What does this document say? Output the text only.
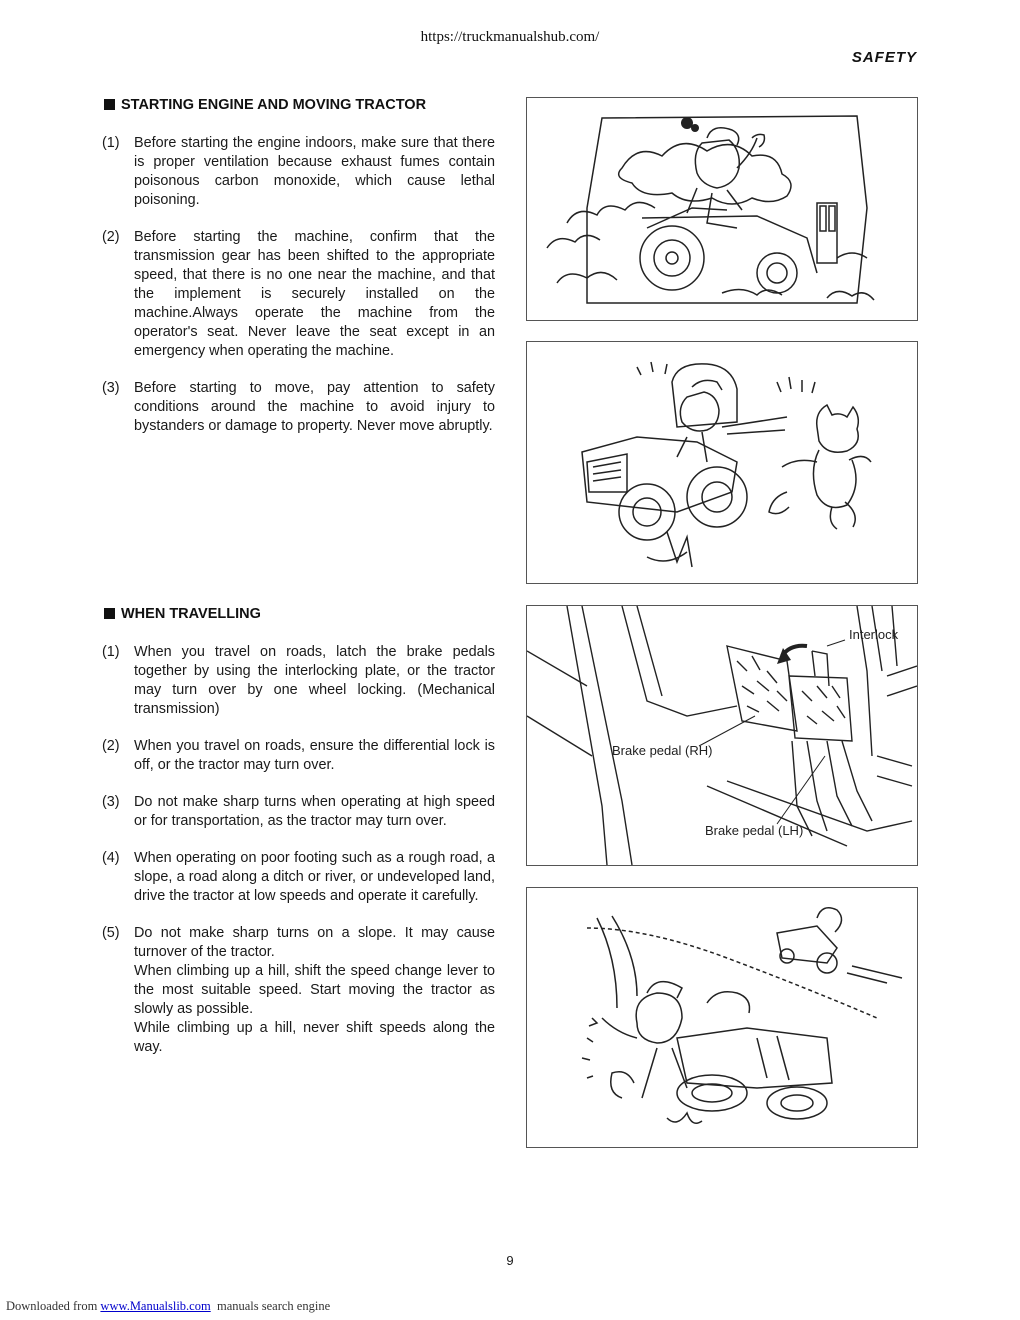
https://truckmanualshub.com/
SAFETY
STARTING ENGINE AND MOVING TRACTOR
(1) Before starting the engine indoors, make sure that there is proper ventilation because exhaust fumes contain poisonous carbon monoxide, which cause lethal poisoning.
(2) Before starting the machine, confirm that the transmission gear has been shifted to the appropriate speed, that there is no one near the machine, and that the implement is securely installed on the machine.Always operate the machine from the operator's seat. Never leave the seat except in an emergency when operating the machine.
(3) Before starting to move, pay attention to safety conditions around the machine to avoid injury to bystanders or damage to property. Never move abruptly.
WHEN TRAVELLING
(1) When you travel on roads, latch the brake pedals together by using the interlocking plate, or the tractor may turn over by one wheel locking. (Mechanical transmission)
(2) When you travel on roads, ensure the differential lock is off, or the tractor may turn over.
(3) Do not make sharp turns when operating at high speed or for transportation, as the tractor may turn over.
(4) When operating on poor footing such as a rough road, a slope, a road along a ditch or river, or undeveloped land, drive the tractor at low speeds and operate it carefully.
(5) Do not make sharp turns on a slope. It may cause turnover of the tractor.
When climbing up a hill, shift the speed change lever to the most suitable speed. Start moving the tractor as slowly as possible.
While climbing up a hill, never shift speeds along the way.
Interlock
Brake pedal (RH)
Brake pedal (LH)
9
Downloaded from www.Manualslib.com  manuals search engine
